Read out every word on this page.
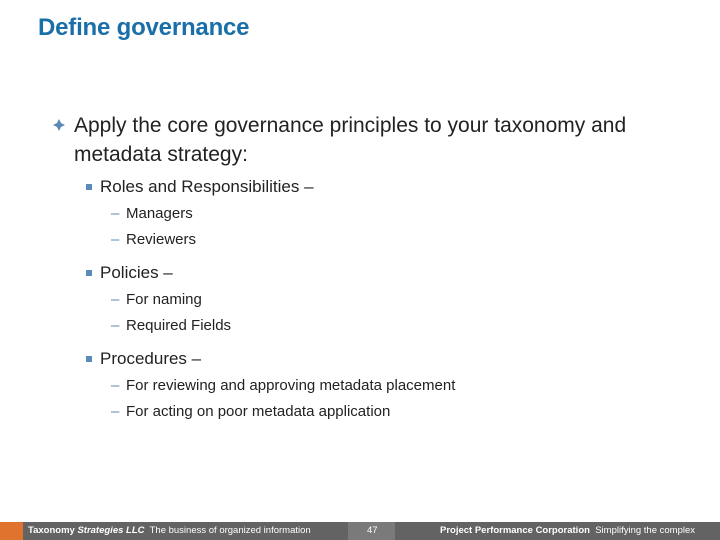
Define governance
Apply the core governance principles to your taxonomy and metadata strategy:
Roles and Responsibilities –
– Managers
– Reviewers
Policies –
– For naming
– Required Fields
Procedures –
– For reviewing and approving metadata placement
– For acting on poor metadata application
Taxonomy Strategies LLC The business of organized information	47	Project Performance Corporation Simplifying the complex
